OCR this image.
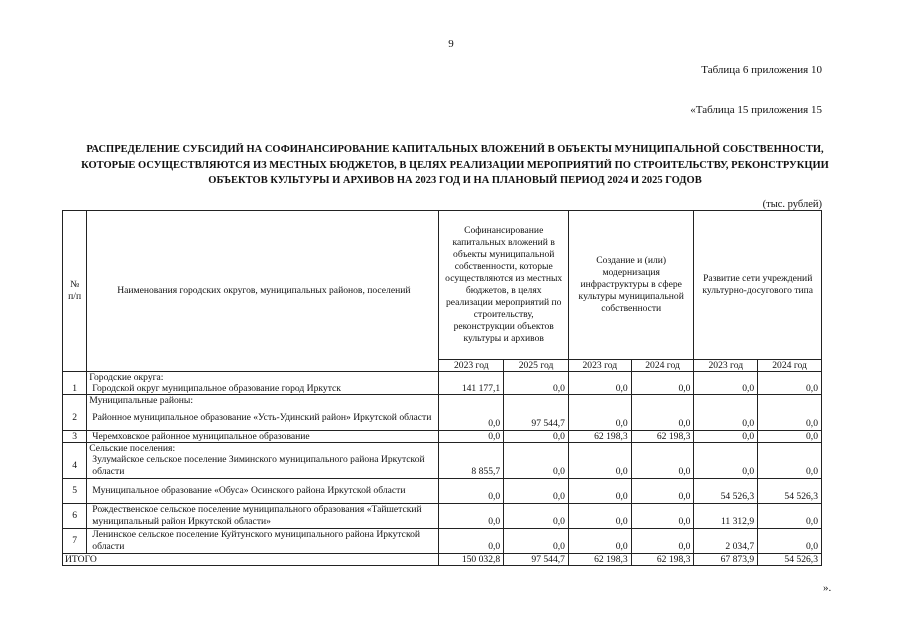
9
Таблица 6 приложения 10
«Таблица 15 приложения 15
РАСПРЕДЕЛЕНИЕ СУБСИДИЙ НА СОФИНАНСИРОВАНИЕ КАПИТАЛЬНЫХ ВЛОЖЕНИЙ В ОБЪЕКТЫ МУНИЦИПАЛЬНОЙ СОБСТВЕННОСТИ, КОТОРЫЕ ОСУЩЕСТВЛЯЮТСЯ ИЗ МЕСТНЫХ БЮДЖЕТОВ, В ЦЕЛЯХ РЕАЛИЗАЦИИ МЕРОПРИЯТИЙ ПО СТРОИТЕЛЬСТВУ, РЕКОНСТРУКЦИИ ОБЪЕКТОВ КУЛЬТУРЫ И АРХИВОВ НА 2023 ГОД И НА ПЛАНОВЫЙ ПЕРИОД 2024 И 2025 ГОДОВ
(тыс. рублей)
№ п/п	Наименования городских округов, муниципальных районов, поселений	Софинансирование капитальных вложений в объекты муниципальной собственности, которые осуществляются из местных бюджетов, в целях реализации мероприятий по строительству, реконструкции объектов культуры и архивов		Создание и (или) модернизация инфраструктуры в сфере культуры муниципальной собственности		Развитие сети учреждений культурно-досугового типа	
		2023 год	2025 год	2023 год	2024 год	2023 год	2024 год
	Городские округа:						
1	Городской округ муниципальное образование город Иркутск	141 177,1	0,0	0,0	0,0	0,0	0,0
	Муниципальные районы:						
2	Районное муниципальное образование «Усть-Удинский район» Иркутской области	0,0	97 544,7	0,0	0,0	0,0	0,0
3	Черемховское районное муниципальное образование	0,0	0,0	62 198,3	62 198,3	0,0	0,0
	Сельские поселения:						
4	Зулумайское сельское поселение Зиминского муниципального района Иркутской области	8 855,7	0,0	0,0	0,0	0,0	0,0
5	Муниципальное образование «Обуса» Осинского района Иркутской области	0,0	0,0	0,0	0,0	54 526,3	54 526,3
6	Рождественское сельское поселение муниципального образования «Тайшетский муниципальный район Иркутской области»	0,0	0,0	0,0	0,0	11 312,9	0,0
7	Ленинское сельское поселение Куйтунского муниципального района Иркутской области	0,0	0,0	0,0	0,0	2 034,7	0,0
ИТОГО		150 032,8	97 544,7	62 198,3	62 198,3	67 873,9	54 526,3
».
